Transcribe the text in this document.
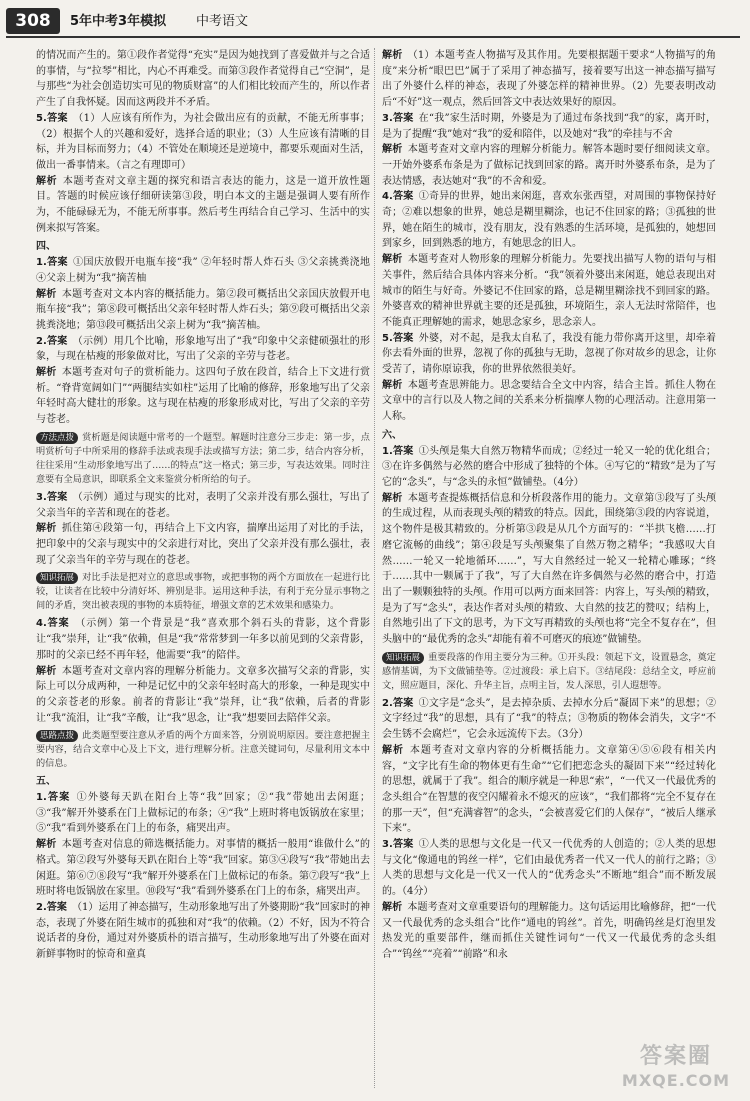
308	5年中考3年模拟 中考语文

的情况而产生的。第①段作者觉得“充实”是因为她找到了喜爱做并与之合适的事情，与“拉琴”相比，内心不再难受。而第③段作者觉得自己“空洞”，是与那些“为社会创造切实可见的物质财富”的人们相比较而产生的，所以作者产生了自我怀疑。因而这两段并不矛盾。

5.答案  （1）人应该有所作为，为社会做出应有的贡献，不能无所事事；（2）根据个人的兴趣和爱好，选择合适的职业；（3）人生应该有清晰的目标，并为目标而努力；（4）不管处在顺境还是逆境中，都要乐观面对生活，做出一番事情来。（言之有理即可）

解析  本题考查对文章主题的探究和语言表达的能力，这是一道开放性题目。答题的时候应该仔细研读第③段，明白本文的主题是强调人要有所作为，不能碌碌无为，不能无所事事。然后考生再结合自己学习、生活中的实例来拟写答案。

四、

1.答案  ①国庆放假开电瓶车接“我” ②年轻时帮人炸石头 ③父亲挑粪浇地 ④父亲上树为“我”摘苦柚

解析  本题考查对文本内容的概括能力。第②段可概括出父亲国庆放假开电瓶车接“我”；第⑧段可概括出父亲年轻时帮人炸石头；第⑨段可概括出父亲挑粪浇地；第⑬段可概括出父亲上树为“我”摘苦柚。

2.答案  （示例）用几个比喻，形象地写出了“我”印象中父亲健硕强壮的形象，与现在枯瘦的形象做对比，写出了父亲的辛劳与苍老。

解析  本题考查对句子的赏析能力。这四句子放在段首，结合上下文进行赏析。“脊背宽阔如门”“两腿结实如柱”运用了比喻的修辞，形象地写出了父亲年轻时高大健壮的形象。这与现在枯瘦的形象形成对比，写出了父亲的辛劳与苍老。

方法点拨 赏析题是阅读题中常考的一个题型。解题时注意分三步走：第一步，点明赏析句子中所采用的修辞手法或表现手法或描写方法；第二步，结合内容分析，往往采用“生动形象地写出了……的特点”这一格式；第三步，写表达效果。同时注意要有全局意识，即联系全文来鉴赏分析所给的句子。

3.答案  （示例）通过与现实的比对，表明了父亲并没有那么强壮，写出了父亲当年的辛苦和现在的苍老。

解析  抓住第④段第一句，再结合上下文内容，揣摩出运用了对比的手法，把印象中的父亲与现实中的父亲进行对比，突出了父亲并没有那么强壮，表现了父亲当年的辛劳与现在的苍老。

知识拓展 对比手法是把对立的意思或事物，或把事物的两个方面放在一起进行比较，让读者在比较中分清好坏、辨别是非。运用这种手法，有利于充分显示事物之间的矛盾，突出被表现的事物的本质特征，增强文章的艺术效果和感染力。

4.答案  （示例）第一个背景是“我”喜欢那个斜石头的背影，这个背影让“我”崇拜，让“我”依赖，但是“我”常常梦到一年多以前见到的父亲背影，那时的父亲已经不再年轻，他需要“我”的陪伴。

解析  本题考查对文章内容的理解分析能力。文章多次描写父亲的背影，实际上可以分成两种，一种是记忆中的父亲年轻时高大的形象，一种是现实中的父亲苍老的形象。前者的背影让“我”崇拜，让“我”依赖，后者的背影让“我”流泪，让“我”辛酸，让“我”思念，让“我”想要回去陪伴父亲。

思路点拨 此类题型要注意从矛盾的两个方面来答，分别说明原因。要注意把握主要内容，结合文章中心及上下文，进行理解分析。注意关键词句，尽量利用文本中的信息。

五、

1.答案  ①外婆每天趴在阳台上等“我”回家；②“我”带她出去闲逛；③“我”解开外婆系在门上做标记的布条；④“我”上班时将电饭锅放在家里；⑤“我”看到外婆系在门上的布条，痛哭出声。

解析  本题考查对信息的筛选概括能力。对事情的概括一般用“谁做什么”的格式。第②段写外婆每天趴在阳台上等“我”回家。第③④段写“我”带她出去闲逛。第⑥⑦⑧段写“我”解开外婆系在门上做标记的布条。第⑦段写“我”上班时将电饭锅放在家里。⑩段写“我”看到外婆系在门上的布条，痛哭出声。

2.答案  （1）运用了神态描写，生动形象地写出了外婆期盼“我”回家时的神态，表现了外婆在陌生城市的孤独和对“我”的依赖。（2）不好，因为不符合说话者的身份，通过对外婆质朴的语言描写，生动形象地写出了外婆在面对新鲜事物时的惊奇和童真

解析  （1）本题考查人物描写及其作用。先要根据题干要求“人物描写的角度”来分析“眼巴巴”属于了采用了神态描写，接着要写出这一神态描写描写出了外婆什么样的神态，表现了外婆怎样的精神世界。（2）先要表明改动后“不好”这一观点，然后回答文中表达效果好的原因。

3.答案  在“我”家生活时期，外婆是为了通过布条找到“我”的家，离开时，是为了提醒“我”她对“我”的爱和陪伴，以及她对“我”的牵挂与不舍

解析  本题考查对文章内容的理解分析能力。解答本题时要仔细阅读文章。一开始外婆系布条是为了做标记找到回家的路。离开时外婆系布条，是为了表达情感，表达她对“我”的不舍和爱。

4.答案  ①奇异的世界，她出来闲逛，喜欢东张西望，对周围的事物保持好奇；②难以想象的世界，她总是糊里糊涂，也记不住回家的路；③孤独的世界，她在陌生的城市，没有朋友，没有熟悉的生活环境，是孤独的，她想回到家乡，回到熟悉的地方，有她思念的旧人。

解析  本题考查对人物形象的理解分析能力。先要找出描写人物的语句与相关事件，然后结合具体内容来分析。“我”领着外婆出来闲逛，她总表现出对城市的陌生与好奇。外婆记不住回家的路，总是糊里糊涂找不到回家的路。外婆喜欢的精神世界就主要的还是孤独，环境陌生，亲人无法时常陪伴，也不能真正理解她的需求，她思念家乡，思念亲人。

5.答案  外婆，对不起，是我太自私了，我没有能力带你离开这里，却牵着你去看外面的世界，忽视了你的孤独与无助，忽视了你对故乡的思念，让你受苦了，请你原谅我，你的世界依然很美好。

解析  本题考查思辨能力。思念要结合全文中内容，结合主旨。抓住人物在文章中的言行以及人物之间的关系来分析揣摩人物的心理活动。注意用第一人称。

六、

1.答案  ①头颅是集大自然万物精华而成；②经过一轮又一轮的优化组合；③在许多偶然与必然的磨合中形成了独特的个体。④写它的“精致”是为了写它的“念头”，与“念头的永恒”做铺垫。（4分）

解析  本题考查提炼概括信息和分析段落作用的能力。文章第③段写了头颅的生成过程，从而表现头颅的精致的特点。因此，围绕第③段的内容说道，这个物件是极其精致的。分析第③段是从几个方面写的：“半拱飞檐……打磨它流畅的曲线”；第④段是写头颅聚集了自然万物之精华；“我感叹大自然……一轮又一轮地循环……”，写大自然经过一轮又一轮精心雕琢；“终于……其中一颗属于了我”，写了大自然在许多偶然与必然的磨合中，打造出了一颗颗独特的头颅。作用可以两方面来回答：内容上，写头颅的精致，是为了写“念头”，表达作者对头颅的精致、大自然的技艺的赞叹；结构上，自然地引出了下文的思考，为下文写再精致的头颅也将“完全不复存在”，但头脑中的“最优秀的念头”却能有着不可磨灭的痕迹”做铺垫。

知识拓展 重要段落的作用主要分为三种。①开头段：领起下文，设置悬念，奠定感情基调，为下文做铺垫等。②过渡段：承上启下。③结尾段：总结全文，呼应前文，照应题目，深化、升华主旨，点明主旨，发人深思，引人遐想等。

2.答案  ①文字是“念头”，是去掉杂质、去掉水分后“凝固下来”的思想；②文字经过“我”的思想，具有了“我”的特点；③物质的物体会消失，文字“不会生锈不会腐烂”，它会永远流传下去。（3分）

解析  本题考查对文章内容的分析概括能力。文章第④⑤⑥段有相关内容，“文字比有生命的物体更有生命”“它们把恋念头的凝固下来”“经过转化的思想，就属于了我”。组合的顺序就是一种思“索”，“一代又一代最优秀的念头组合”在智慧的夜空闪耀着永不熄灭的应该”，“我们都将“完全不复存在的那一天”，但“充满睿智”的念头，“会被喜爱它们的人保存”，“被后人继承下来”。

3.答案  ①人类的思想与文化是一代又一代优秀的人创造的；②人类的思想与文化“像通电的钨丝一样”，它们由最优秀者一代又一代人的前行之路；③人类的思想与文化是一代又一代人的“优秀念头”不断地“组合”而不断发展的。（4分）

解析  本题考查对文章重要语句的理解能力。这句话运用比喻修辞，把“一代又一代最优秀的念头组合”比作“通电的钨丝”。首先，明确钨丝是灯泡里发热发光的重要部件，继而抓住关键性词句“一代又一代最优秀的念头组合”“钨丝”“亮着”“前路”和永

答案圈
MXQE.COM
